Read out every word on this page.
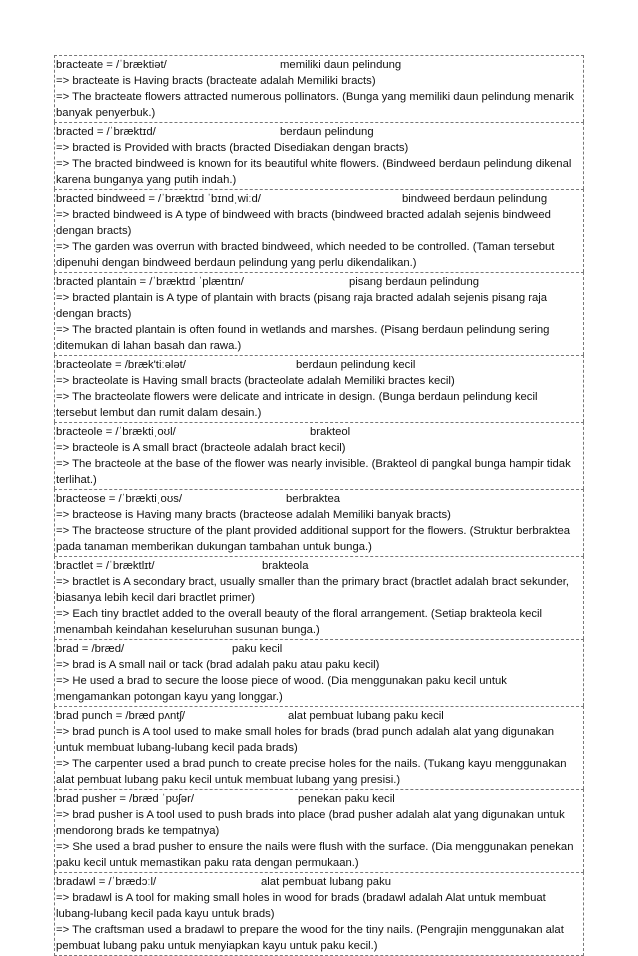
bracteate = /ˈbræktiət/	memiliki daun pelindung
=> bracteate is Having bracts (bracteate adalah Memiliki bracts)
=> The bracteate flowers attracted numerous pollinators. (Bunga yang memiliki daun pelindung menarik banyak penyerbuk.)
bracted = /ˈbræktɪd/	berdaun pelindung
=> bracted is Provided with bracts (bracted Disediakan dengan bracts)
=> The bracted bindweed is known for its beautiful white flowers. (Bindweed berdaun pelindung dikenal karena bunganya yang putih indah.)
bracted bindweed = /ˈbræktɪd ˈbɪndˌwiːd/	bindweed berdaun pelindung
=> bracted bindweed is A type of bindweed with bracts (bindweed bracted adalah sejenis bindweed dengan bracts)
=> The garden was overrun with bracted bindweed, which needed to be controlled. (Taman tersebut dipenuhi dengan bindweed berdaun pelindung yang perlu dikendalikan.)
bracted plantain = /ˈbræktɪd ˈplæntɪn/	pisang berdaun pelindung
=> bracted plantain is A type of plantain with bracts (pisang raja bracted adalah sejenis pisang raja dengan bracts)
=> The bracted plantain is often found in wetlands and marshes. (Pisang berdaun pelindung sering ditemukan di lahan basah dan rawa.)
bracteolate = /bræk'tiːələt/	berdaun pelindung kecil
=> bracteolate is Having small bracts (bracteolate adalah Memiliki bractes kecil)
=> The bracteolate flowers were delicate and intricate in design. (Bunga berdaun pelindung kecil tersebut lembut dan rumit dalam desain.)
bracteole = /ˈbræktiˌoʊl/	brakteol
=> bracteole is A small bract (bracteole adalah bract kecil)
=> The bracteole at the base of the flower was nearly invisible. (Brakteol di pangkal bunga hampir tidak terlihat.)
bracteose = /ˈbræktiˌoʊs/	berbraktea
=> bracteose is Having many bracts (bracteose adalah Memiliki banyak bracts)
=> The bracteose structure of the plant provided additional support for the flowers. (Struktur berbraktea pada tanaman memberikan dukungan tambahan untuk bunga.)
bractlet = /ˈbræktlɪt/	brakteola
=> bractlet is A secondary bract, usually smaller than the primary bract (bractlet adalah bract sekunder, biasanya lebih kecil dari bractlet primer)
=> Each tiny bractlet added to the overall beauty of the floral arrangement. (Setiap brakteola kecil menambah keindahan keseluruhan susunan bunga.)
brad = /bræd/	paku kecil
=> brad is A small nail or tack (brad adalah paku atau paku kecil)
=> He used a brad to secure the loose piece of wood. (Dia menggunakan paku kecil untuk mengamankan potongan kayu yang longgar.)
brad punch = /bræd pʌntʃ/	alat pembuat lubang paku kecil
=> brad punch is A tool used to make small holes for brads (brad punch adalah alat yang digunakan untuk membuat lubang-lubang kecil pada brads)
=> The carpenter used a brad punch to create precise holes for the nails. (Tukang kayu menggunakan alat pembuat lubang paku kecil untuk membuat lubang yang presisi.)
brad pusher = /bræd ˈpʊʃər/	penekan paku kecil
=> brad pusher is A tool used to push brads into place (brad pusher adalah alat yang digunakan untuk mendorong brads ke tempatnya)
=> She used a brad pusher to ensure the nails were flush with the surface. (Dia menggunakan penekan paku kecil untuk memastikan paku rata dengan permukaan.)
bradawl = /ˈbrædɔːl/	alat pembuat lubang paku
=> bradawl is A tool for making small holes in wood for brads (bradawl adalah Alat untuk membuat lubang-lubang kecil pada kayu untuk brads)
=> The craftsman used a bradawl to prepare the wood for the tiny nails. (Pengrajin menggunakan alat pembuat lubang paku untuk menyiapkan kayu untuk paku kecil.)
